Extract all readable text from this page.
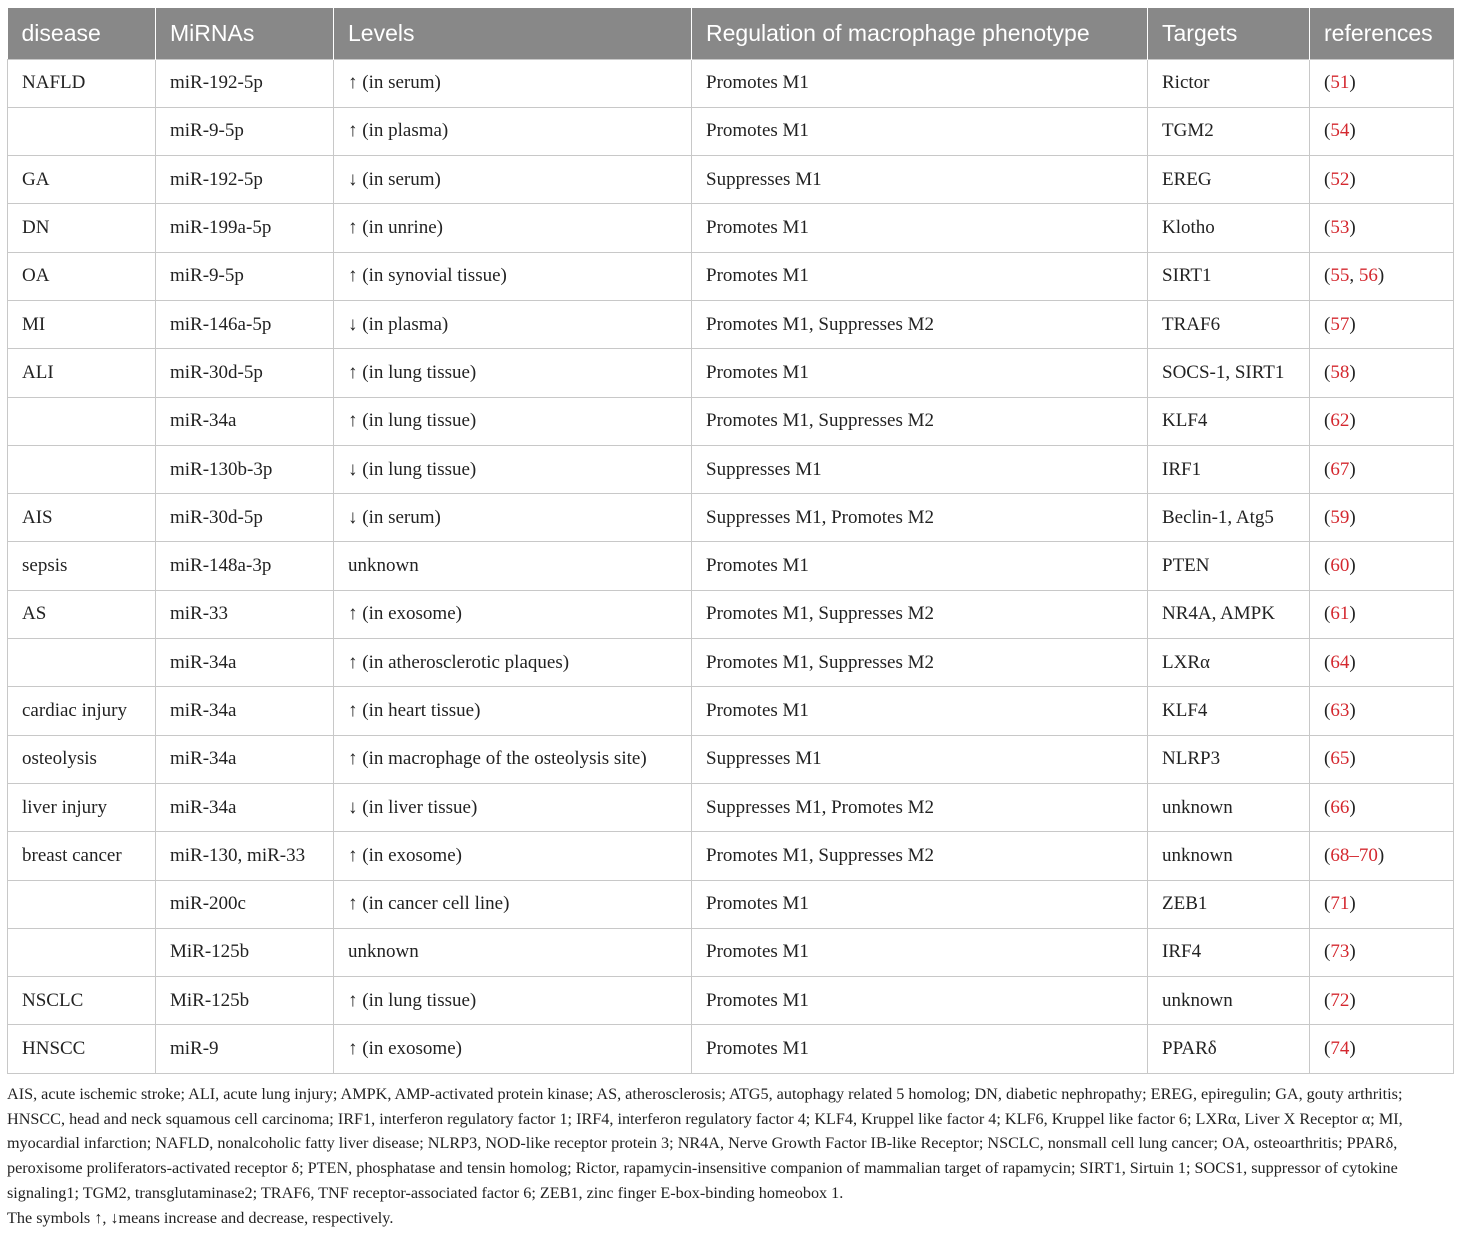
disease	MiRNAs	Levels	Regulation of macrophage phenotype	Targets	references
NAFLD	miR-192-5p	↑ (in serum)	Promotes M1	Rictor	(51)
	miR-9-5p	↑ (in plasma)	Promotes M1	TGM2	(54)
GA	miR-192-5p	↓ (in serum)	Suppresses M1	EREG	(52)
DN	miR-199a-5p	↑ (in unrine)	Promotes M1	Klotho	(53)
OA	miR-9-5p	↑ (in synovial tissue)	Promotes M1	SIRT1	(55, 56)
MI	miR-146a-5p	↓ (in plasma)	Promotes M1, Suppresses M2	TRAF6	(57)
ALI	miR-30d-5p	↑ (in lung tissue)	Promotes M1	SOCS-1, SIRT1	(58)
	miR-34a	↑ (in lung tissue)	Promotes M1, Suppresses M2	KLF4	(62)
	miR-130b-3p	↓ (in lung tissue)	Suppresses M1	IRF1	(67)
AIS	miR-30d-5p	↓ (in serum)	Suppresses M1, Promotes M2	Beclin-1, Atg5	(59)
sepsis	miR-148a-3p	unknown	Promotes M1	PTEN	(60)
AS	miR-33	↑ (in exosome)	Promotes M1, Suppresses M2	NR4A, AMPK	(61)
	miR-34a	↑ (in atherosclerotic plaques)	Promotes M1, Suppresses M2	LXRα	(64)
cardiac injury	miR-34a	↑ (in heart tissue)	Promotes M1	KLF4	(63)
osteolysis	miR-34a	↑ (in macrophage of the osteolysis site)	Suppresses M1	NLRP3	(65)
liver injury	miR-34a	↓ (in liver tissue)	Suppresses M1, Promotes M2	unknown	(66)
breast cancer	miR-130, miR-33	↑ (in exosome)	Promotes M1, Suppresses M2	unknown	(68–70)
	miR-200c	↑ (in cancer cell line)	Promotes M1	ZEB1	(71)
	MiR-125b	unknown	Promotes M1	IRF4	(73)
NSCLC	MiR-125b	↑ (in lung tissue)	Promotes M1	unknown	(72)
HNSCC	miR-9	↑ (in exosome)	Promotes M1	PPARδ	(74)

AIS, acute ischemic stroke; ALI, acute lung injury; AMPK, AMP-activated protein kinase; AS, atherosclerosis; ATG5, autophagy related 5 homolog; DN, diabetic nephropathy; EREG, epiregulin; GA, gouty arthritis; HNSCC, head and neck squamous cell carcinoma; IRF1, interferon regulatory factor 1; IRF4, interferon regulatory factor 4; KLF4, Kruppel like factor 4; KLF6, Kruppel like factor 6; LXRα, Liver X Receptor α; MI, myocardial infarction; NAFLD, nonalcoholic fatty liver disease; NLRP3, NOD-like receptor protein 3; NR4A, Nerve Growth Factor IB-like Receptor; NSCLC, nonsmall cell lung cancer; OA, osteoarthritis; PPARδ, peroxisome proliferators-activated receptor δ; PTEN, phosphatase and tensin homolog; Rictor, rapamycin-insensitive companion of mammalian target of rapamycin; SIRT1, Sirtuin 1; SOCS1, suppressor of cytokine signaling1; TGM2, transglutaminase2; TRAF6, TNF receptor-associated factor 6; ZEB1, zinc finger E-box-binding homeobox 1.

The symbols ↑, ↓means increase and decrease, respectively.
